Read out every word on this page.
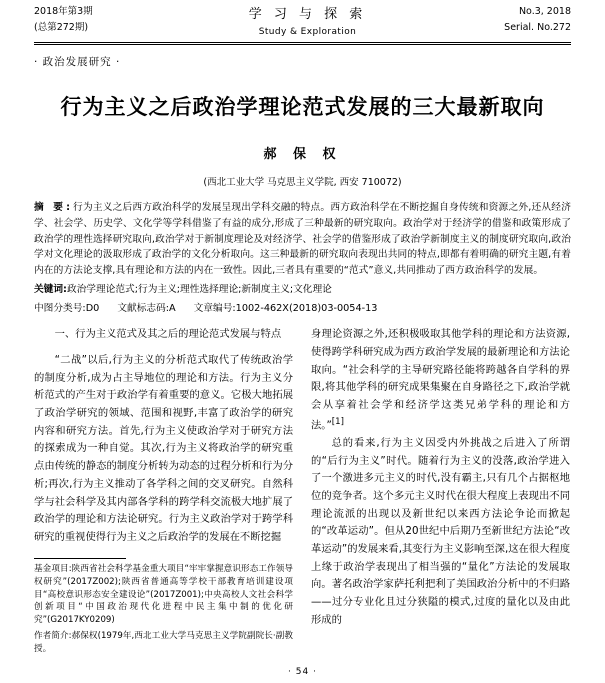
2018年第3期
(总第272期)
学 习 与 探 索
Study & Exploration
No.3, 2018
Serial. No.272
· 政治发展研究 ·
行为主义之后政治学理论范式发展的三大最新取向
郝 保 权
(西北工业大学 马克思主义学院, 西安 710072)
摘 要:行为主义之后西方政治科学的发展呈现出学科交融的特点。西方政治科学在不断挖掘自身传统和资源之外,还从经济学、社会学、历史学、文化学等学科借鉴了有益的成分,形成了三种最新的研究取向。政治学对于经济学的借鉴和政策形成了政治学的理性选择研究取向,政治学对于新制度理论及对经济学、社会学的借鉴形成了政治学新制度主义的制度研究取向,政治学对文化理论的汲取形成了政治学的文化分析取向。这三种最新的研究取向表现出共同的特点,即都有着明确的研究主题,有着内在的方法论支撑,具有理论和方法的内在一致性。因此,三者具有重要的“范式”意义,共同推动了西方政治科学的发展。
关键词:政治学理论范式;行为主义;理性选择理论;新制度主义;文化理论
中图分类号:D0 文献标志码:A 文章编号:1002-462X(2018)03-0054-13

一、行为主义范式及其之后的理论范式发展与特点

“二战”以后,行为主义的分析范式取代了传统政治学的制度分析,成为占主导地位的理论和方法。行为主义分析范式的产生对于政治学有着重要的意义。它极大地拓展了政治学研究的领域、范围和视野,丰富了政治学的研究内容和研究方法。首先,行为主义使政治学对于研究方法的探索成为一种自觉。其次,行为主义将政治学的研究重点由传统的静态的制度分析转为动态的过程分析和行为分析;再次,行为主义推动了各学科之间的交叉研究。自然科学与社会科学及其内部各学科的跨学科交流极大地扩展了政治学的理论和方法论研究。行为主义政治学对于跨学科研究的重视使得行为主义之后政治学的发展在不断挖掘

身理论资源之外,还积极吸取其他学科的理论和方法资源,使得跨学科研究成为西方政治学发展的最新理论和方法论取向。“社会科学的主导研究路径能将跨越各自学科的界限,将其他学科的研究成果集聚在自身路径之下,政治学就会从享着社会学和经济学这类兄弟学科的理论和方法。”[1]

总的看来,行为主义因受内外挑战之后进入了所谓的“后行为主义”时代。随着行为主义的没落,政治学进入了一个激进多元主义的时代,没有霸主,只有几个占据枢地位的竞争者。这个多元主义时代在很大程度上表现出不同理论流派的出现以及新世纪以来西方法论争论而掀起的“改革运动”。但从20世纪中后期乃至新世纪方法论“改革运动”的发展来看,其变行为主义影响至深,这在很大程度上缘于政治学表现出了相当强的“量化”方法论的发展取向。著名政治学家萨托利把利了美国政治分析中的不归路——过分专业化且过分狭隘的模式,过度的量化以及由此形成的

基金项目:陕西省社会科学基金重大项目“牢牢掌握意识形态工作领导权研究”(2017Z002);陕西省普通高等学校干部教育培训建设项目“高校意识形态安全建设论”(2017Z001);中央高校人文社会科学创新项目“中国政治现代化进程中民主集中制的优化研究”(G2017KY0209)

作者简介:郝保权(1979年,西北工业大学马克思主义学院副院长·副教授。

· 54 ·
